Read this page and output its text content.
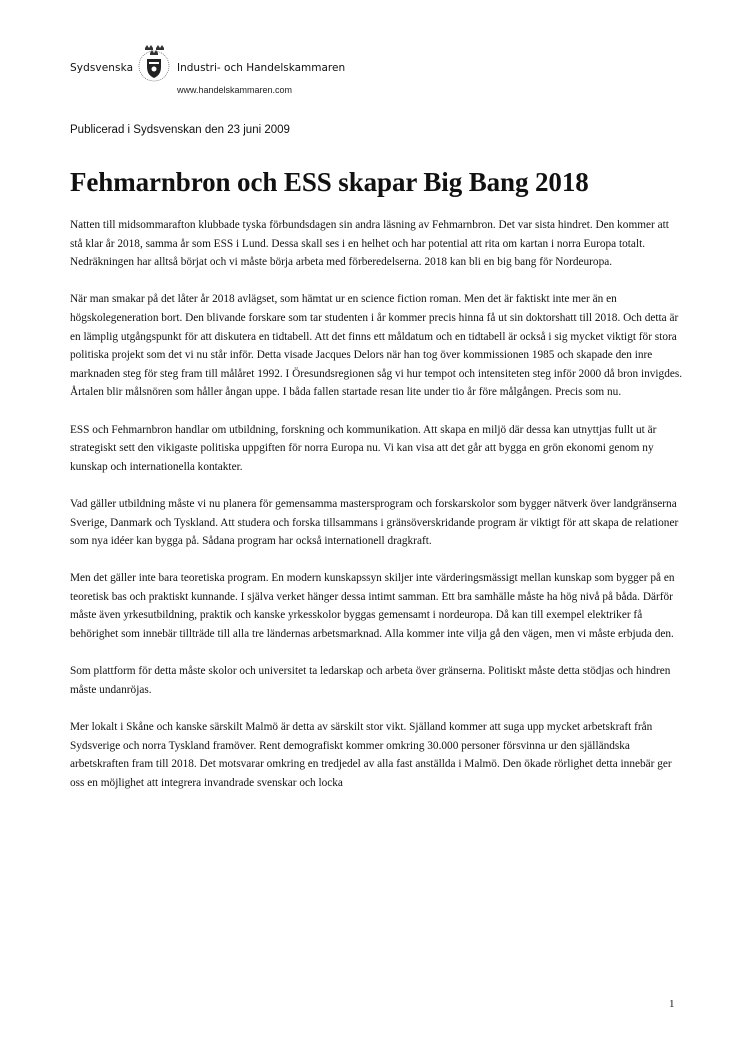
Sydsvenska	Industri- och Handelskammaren
www.handelskammaren.com
Publicerad i Sydsvenskan den 23 juni 2009
Fehmarnbron och ESS skapar Big Bang 2018

Natten till midsommarafton klubbade tyska förbundsdagen sin andra läsning av Fehmarnbron. Det var sista hindret. Den kommer att stå klar år 2018, samma år som ESS i Lund. Dessa skall ses i en helhet och har potential att rita om kartan i norra Europa totalt. Nedräkningen har alltså börjat och vi måste börja arbeta med förberedelserna. 2018 kan bli en big bang för Nordeuropa.

När man smakar på det låter år 2018 avlägset, som hämtat ur en science fiction roman. Men det är faktiskt inte mer än en högskolegeneration bort. Den blivande forskare som tar studenten i år kommer precis hinna få ut sin doktorshatt till 2018. Och detta är en lämplig utgångspunkt för att diskutera en tidtabell. Att det finns ett måldatum och en tidtabell är också i sig mycket viktigt för stora politiska projekt som det vi nu står inför. Detta visade Jacques Delors när han tog över kommissionen 1985 och skapade den inre marknaden steg för steg fram till målåret 1992. I Öresundsregionen såg vi hur tempot och intensiteten steg inför 2000 då bron invigdes. Årtalen blir målsnören som håller ångan uppe. I båda fallen startade resan lite under tio år före målgången. Precis som nu.

ESS och Fehmarnbron handlar om utbildning, forskning och kommunikation. Att skapa en miljö där dessa kan utnyttjas fullt ut är strategiskt sett den vikigaste politiska uppgiften för norra Europa nu. Vi kan visa att det går att bygga en grön ekonomi genom ny kunskap och internationella kontakter.

Vad gäller utbildning måste vi nu planera för gemensamma mastersprogram och forskarskolor som bygger nätverk över landgränserna Sverige, Danmark och Tyskland. Att studera och forska tillsammans i gränsöverskridande program är viktigt för att skapa de relationer som nya idéer kan bygga på. Sådana program har också internationell dragkraft.

Men det gäller inte bara teoretiska program. En modern kunskapssyn skiljer inte värderingsmässigt mellan kunskap som bygger på en teoretisk bas och praktiskt kunnande. I själva verket hänger dessa intimt samman. Ett bra samhälle måste ha hög nivå på båda. Därför måste även yrkesutbildning, praktik och kanske yrkesskolor byggas gemensamt i nordeuropa. Då kan till exempel elektriker få behörighet som innebär tillträde till alla tre ländernas arbetsmarknad. Alla kommer inte vilja gå den vägen, men vi måste erbjuda den.

Som plattform för detta måste skolor och universitet ta ledarskap och arbeta över gränserna. Politiskt måste detta stödjas och hindren måste undanröjas.

Mer lokalt i Skåne och kanske särskilt Malmö är detta av särskilt stor vikt. Själland kommer att suga upp mycket arbetskraft från Sydsverige och norra Tyskland framöver. Rent demografiskt kommer omkring 30.000 personer försvinna ur den själländska arbetskraften fram till 2018. Det motsvarar omkring en tredjedel av alla fast anställda i Malmö. Den ökade rörlighet detta innebär ger oss en möjlighet att integrera invandrade svenskar och locka

1
